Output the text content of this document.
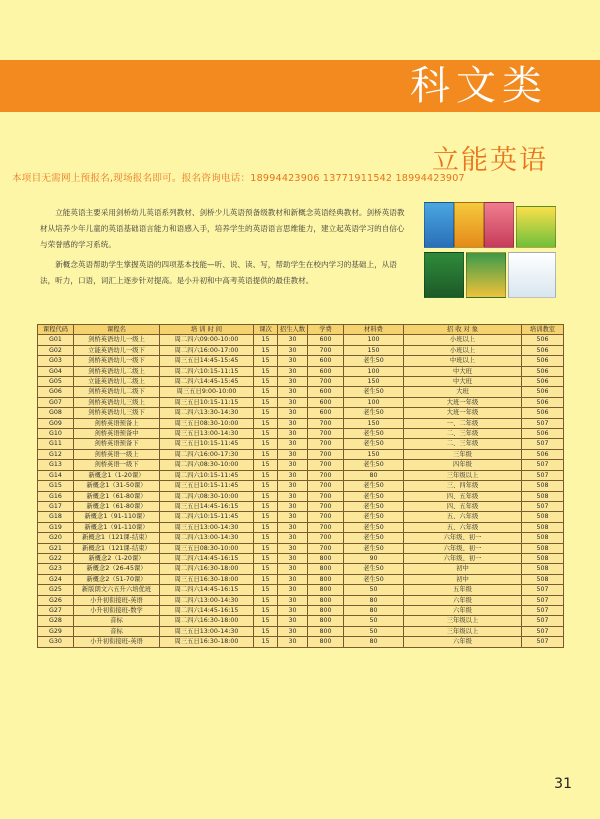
科文类
立能英语
本项目无需网上预报名,现场报名即可。报名咨询电话：18994423906 13771911542 18994423907

立能英语主要采用剑桥幼儿英语系列教材、剑桥少儿英语预备级教材和新概念英语经典教材。剑桥英语教材从培养少年儿童的英语基础语言能力和语感入手，培养学生的英语语言思维能力，建立起英语学习的自信心与荣誉感的学习系统。

新概念英语帮助学生掌握英语的四项基本技能—听、说、读、写，帮助学生在校内学习的基础上，从语法，听力，口语，词汇上逐步针对提高。是小升初和中高考英语提供的最佳教材。

课程代码	课程名	培 训 时 间	课次	招生人数	学费	材料费	招 收 对 象	培训教室
G01	剑桥英语幼儿一级上	周二四六09:00-10:00	15	30	600	100	小班以上	506
G02	立能英语幼儿一级下	周二四六16:00-17:00	15	30	700	150	小班以上	506
G03	剑桥英语幼儿一级下	周三五日14:45-15:45	15	30	600	老生50	中班以上	506
G04	剑桥英语幼儿二级上	周二四六10:15-11:15	15	30	600	100	中大班	506
G05	立能英语幼儿二级上	周二四六14:45-15:45	15	30	700	150	中大班	506
G06	剑桥英语幼儿二级下	周三五日9:00-10:00	15	30	600	老生50	大班	506
G07	剑桥英语幼儿三级上	周三五日10:15-11:15	15	30	600	100	大班一年级	506
G08	剑桥英语幼儿三级下	周二四六13:30-14:30	15	30	600	老生50	大班一年级	506
G09	剑桥英语预备上	周三五日08:30-10:00	15	30	700	150	一、二年级	507
G10	剑桥英语预备中	周三五日13:00-14:30	15	30	700	老生50	二、三年级	506
G11	剑桥英语预备下	周三五日10:15-11:45	15	30	700	老生50	二、三年级	507
G12	剑桥英语一级上	周二四六16:00-17:30	15	30	700	150	三年级	506
G13	剑桥英语一级下	周二四六08:30-10:00	15	30	700	老生50	四年级	507
G14	新概念1（1-20课）	周二四六10:15-11:45	15	30	700	80	三年级以上	507
G15	新概念1（31-50课）	周三五日10:15-11:45	15	30	700	老生50	三、四年级	508
G16	新概念1（61-80课）	周二四六08:30-10:00	15	30	700	老生50	四、五年级	508
G17	新概念1（61-80课）	周三五日14:45-16:15	15	30	700	老生50	四、五年级	507
G18	新概念1（91-110课）	周二四六10:15-11:45	15	30	700	老生50	五、六年级	508
G19	新概念1（91-110课）	周三五日13:00-14:30	15	30	700	老生50	五、六年级	508
G20	新概念1（121课-结束）	周二四六13:00-14:30	15	30	700	老生50	六年级、初一	508
G21	新概念1（121课-结束）	周三五日08:30-10:00	15	30	700	老生50	六年级、初一	508
G22	新概念2（1-20课）	周二四六14:45-16:15	15	30	800	90	六年级、初一	508
G23	新概念2（26-45课）	周二四六16:30-18:00	15	30	800	老生50	初中	508
G24	新概念2（51-70课）	周三五日16:30-18:00	15	30	800	老生50	初中	508
G25	新版朗文六五升六培优班	周二四六14:45-16:15	15	30	800	50	五年级	507
G26	小升初衔接班-英语	周二四六13:00-14:30	15	30	800	80	六年级	507
G27	小升初衔接班-数学	周二四六14:45-16:15	15	30	800	80	六年级	507
G28	音标	周二四六16:30-18:00	15	30	800	50	三年级以上	507
G29	音标	周三五日13:00-14:30	15	30	800	50	三年级以上	507
G30	小升初衔接班-英语	周三五日16:30-18:00	15	30	800	80	六年级	507
31
